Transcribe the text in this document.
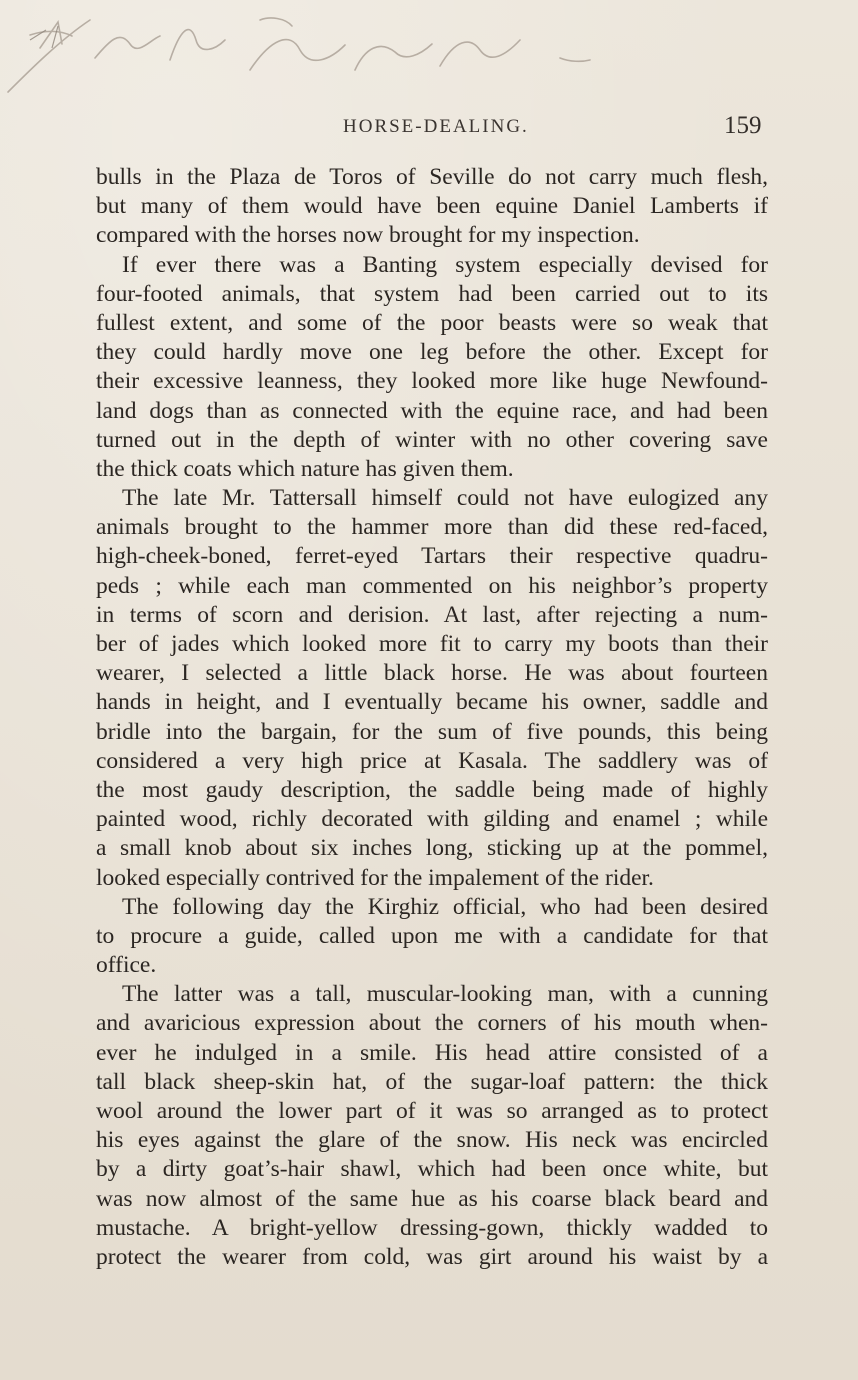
HORSE-DEALING.	159
bulls in the Plaza de Toros of Seville do not carry much flesh,
but many of them would have been equine Daniel Lamberts if
compared with the horses now brought for my inspection.
If ever there was a Banting system especially devised for
four-footed animals, that system had been carried out to its
fullest extent, and some of the poor beasts were so weak that
they could hardly move one leg before the other. Except for
their excessive leanness, they looked more like huge Newfound-
land dogs than as connected with the equine race, and had been
turned out in the depth of winter with no other covering save
the thick coats which nature has given them.
The late Mr. Tattersall himself could not have eulogized any
animals brought to the hammer more than did these red-faced,
high-cheek-boned, ferret-eyed Tartars their respective quadru-
peds ; while each man commented on his neighbor’s property
in terms of scorn and derision. At last, after rejecting a num-
ber of jades which looked more fit to carry my boots than their
wearer, I selected a little black horse. He was about fourteen
hands in height, and I eventually became his owner, saddle and
bridle into the bargain, for the sum of five pounds, this being
considered a very high price at Kasala. The saddlery was of
the most gaudy description, the saddle being made of highly
painted wood, richly decorated with gilding and enamel ; while
a small knob about six inches long, sticking up at the pommel,
looked especially contrived for the impalement of the rider.
The following day the Kirghiz official, who had been desired
to procure a guide, called upon me with a candidate for that
office.
The latter was a tall, muscular-looking man, with a cunning
and avaricious expression about the corners of his mouth when-
ever he indulged in a smile. His head attire consisted of a
tall black sheep-skin hat, of the sugar-loaf pattern: the thick
wool around the lower part of it was so arranged as to protect
his eyes against the glare of the snow. His neck was encircled
by a dirty goat’s-hair shawl, which had been once white, but
was now almost of the same hue as his coarse black beard and
mustache. A bright-yellow dressing-gown, thickly wadded to
protect the wearer from cold, was girt around his waist by a
